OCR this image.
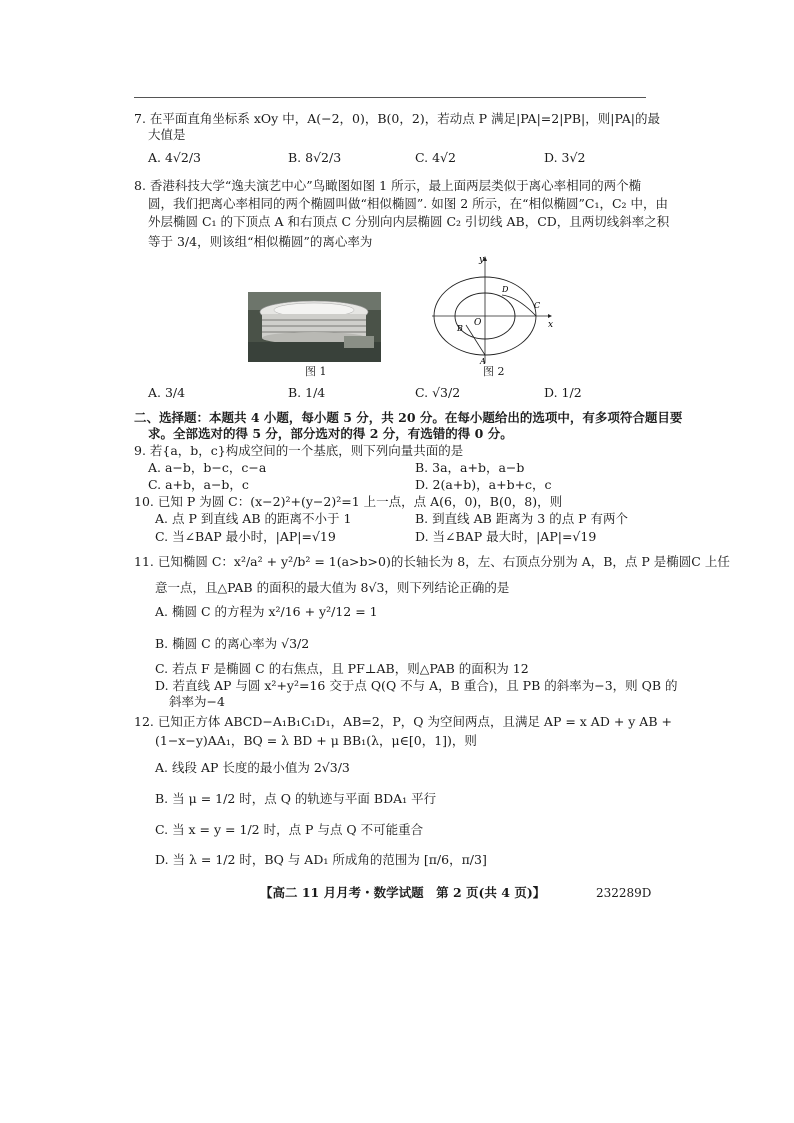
7. 在平面直角坐标系 xOy 中，A(−2，0)，B(0，2)，若动点 P 满足|PA|=2|PB|，则|PA|的最
大值是
A. 4√2/3	B. 8√2/3	C. 4√2	D. 3√2
8. 香港科技大学“逸夫演艺中心”鸟瞰图如图 1 所示，最上面两层类似于离心率相同的两个椭
圆，我们把离心率相同的两个椭圆叫做“相似椭圆”. 如图 2 所示，在“相似椭圆”C₁，C₂ 中，由
外层椭圆 C₁ 的下顶点 A 和右顶点 C 分别向内层椭圆 C₂ 引切线 AB，CD，且两切线斜率之积
等于 3/4，则该组“相似椭圆”的离心率为
图 1
y
x
O
A
B
C
D
图 2
A. 3/4	B. 1/4	C. √3/2	D. 1/2
二、选择题：本题共 4 小题，每小题 5 分，共 20 分。在每小题给出的选项中，有多项符合题目要
求。全部选对的得 5 分，部分选对的得 2 分，有选错的得 0 分。
9. 若{a，b，c}构成空间的一个基底，则下列向量共面的是
A. a−b，b−c，c−a	B. 3a，a+b，a−b
C. a+b，a−b，c	D. 2(a+b)，a+b+c，c
10. 已知 P 为圆 C：(x−2)²+(y−2)²=1 上一点，点 A(6，0)，B(0，8)，则
A. 点 P 到直线 AB 的距离不小于 1	B. 到直线 AB 距离为 3 的点 P 有两个
C. 当∠BAP 最小时，|AP|=√19	D. 当∠BAP 最大时，|AP|=√19
11. 已知椭圆 C：x²/a² + y²/b² = 1(a>b>0)的长轴长为 8，左、右顶点分别为 A，B，点 P 是椭圆C 上任
意一点，且△PAB 的面积的最大值为 8√3，则下列结论正确的是
A. 椭圆 C 的方程为 x²/16 + y²/12 = 1
B. 椭圆 C 的离心率为 √3/2
C. 若点 F 是椭圆 C 的右焦点，且 PF⊥AB，则△PAB 的面积为 12
D. 若直线 AP 与圆 x²+y²=16 交于点 Q(Q 不与 A，B 重合)，且 PB 的斜率为−3，则 QB 的
斜率为−4
12. 已知正方体 ABCD−A₁B₁C₁D₁，AB=2，P，Q 为空间两点，且满足 AP = x AD + y AB +
(1−x−y)AA₁，BQ = λ BD + μ BB₁(λ，μ∈[0，1])，则
A. 线段 AP 长度的最小值为 2√3/3
B. 当 μ = 1/2 时，点 Q 的轨迹与平面 BDA₁ 平行
C. 当 x = y = 1/2 时，点 P 与点 Q 不可能重合
D. 当 λ = 1/2 时，BQ 与 AD₁ 所成角的范围为 [π/6，π/3]
【高二 11 月月考・数学试题　第 2 页(共 4 页)】	232289D
